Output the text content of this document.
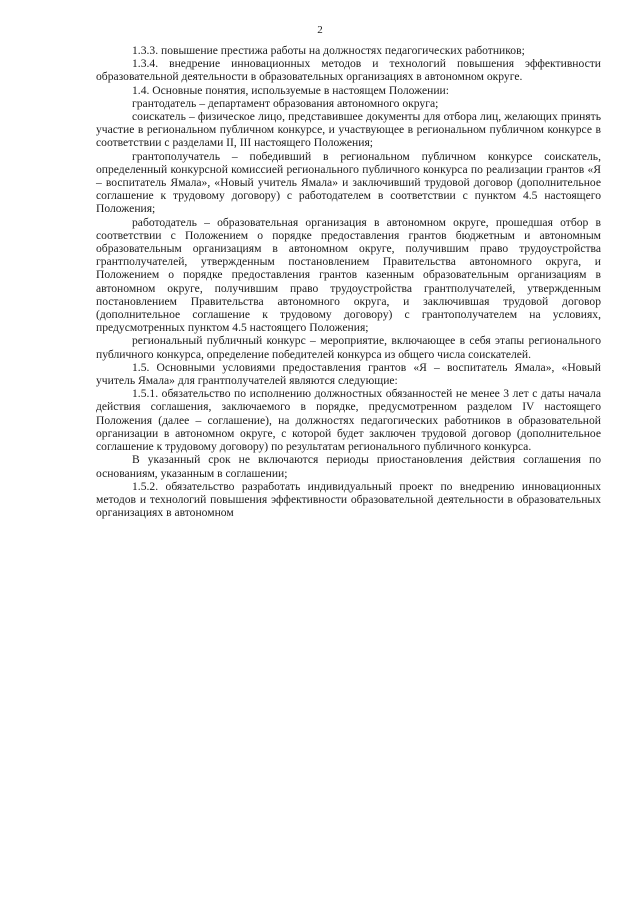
2

1.3.3. повышение престижа работы на должностях педагогических работников;

1.3.4. внедрение инновационных методов и технологий повышения эффективности образовательной деятельности в образовательных организациях в автономном округе.

1.4. Основные понятия, используемые в настоящем Положении:

грантодатель – департамент образования автономного округа;

соискатель – физическое лицо, представившее документы для отбора лиц, желающих принять участие в региональном публичном конкурсе, и участвующее в региональном публичном конкурсе в соответствии с разделами II, III настоящего Положения;

грантополучатель – победивший в региональном публичном конкурсе соискатель, определенный конкурсной комиссией регионального публичного конкурса по реализации грантов «Я – воспитатель Ямала», «Новый учитель Ямала» и заключивший трудовой договор (дополнительное соглашение к трудовому договору) с работодателем в соответствии с пунктом 4.5 настоящего Положения;

работодатель – образовательная организация в автономном округе, прошедшая отбор в соответствии с Положением о порядке предоставления грантов бюджетным и автономным образовательным организациям в автономном округе, получившим право трудоустройства грантполучателей, утвержденным постановлением Правительства автономного округа, и Положением о порядке предоставления грантов казенным образовательным организациям в автономном округе, получившим право трудоустройства грантполучателей, утвержденным постановлением Правительства автономного округа, и заключившая трудовой договор (дополнительное соглашение к трудовому договору) с грантополучателем на условиях, предусмотренных пунктом 4.5 настоящего Положения;

региональный публичный конкурс – мероприятие, включающее в себя этапы регионального публичного конкурса, определение победителей конкурса из общего числа соискателей.

1.5. Основными условиями предоставления грантов «Я – воспитатель Ямала», «Новый учитель Ямала» для грантполучателей являются следующие:

1.5.1. обязательство по исполнению должностных обязанностей не менее 3 лет с даты начала действия соглашения, заключаемого в порядке, предусмотренном разделом IV настоящего Положения (далее – соглашение), на должностях педагогических работников в образовательной организации в автономном округе, с которой будет заключен трудовой договор (дополнительное соглашение к трудовому договору) по результатам регионального публичного конкурса.

В указанный срок не включаются периоды приостановления действия соглашения по основаниям, указанным в соглашении;

1.5.2. обязательство разработать индивидуальный проект по внедрению инновационных методов и технологий повышения эффективности образовательной деятельности в образовательных организациях в автономном
